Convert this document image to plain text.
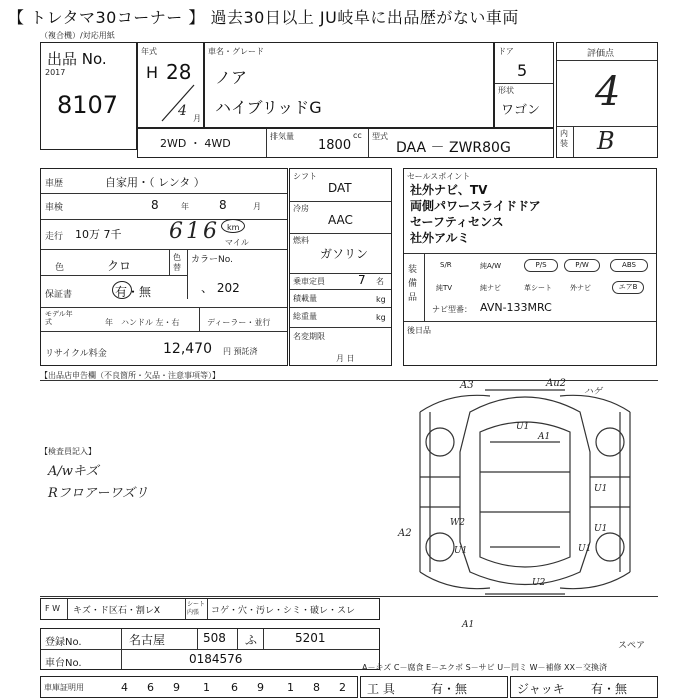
【 トレタマ30コーナー 】 過去30日以上 JU岐阜に出品歴がない車両
（複合機）/対応用紙
出品 No.
2017
8107
年式
H 28
4 月
車名・グレード
ノア
ハイブリッドG
ドア
5
形状
ワゴン
評価点
4
内装 B
2WD ・ 4WD
排気量
1800
cc 型式
DAA － ZWR80G
車歴	自家用・（ レンタ ）
車検	8	年	8	月
走行 10万 7千 616 km
マイル
色	クロ
色替
カラーNo.
、 202
保証書	有・無
モデル年式	年 ハンドル 左・右	ディーラー・並行
リサイクル料金	12,470 円 預託済
シフト
DAT
冷房
AAC
燃料
ガソリン
乗車定員	7 名
積載量	kg
総重量	kg
名変期限
月 日
セールスポイント
社外ナビ、TV
両側パワースライドドア
セーフティセンス
社外アルミ
装備品
S/R	純A/W	P/S	P/W	ABS
純TV	純ナビ	革シート	外ナビ	エアB
ナビ型番： AVN-133MRC
後日品
【出品店申告欄（不良箇所・欠品・注意事項等）】
【検査員記入】
A/wキズ
Rフロアーワズリ
A3	Au2
ハゲ
U1
A1
U1
A2
W2
U1	U1
U1
U2
A1
スペア
F W キズ・ド区石・割レX
シート内張	コゲ・穴・汚レ・シミ・破レ・スレ
登録No.	名古屋	508 ふ	5201
車台No.	0184576
A－キズ C－腐食 E－エクボ S－サビ U－凹ミ W－補修 XX－交換済
車庫証明用	4 6 9 1 6 9 1 8 2 工 具	有・無	ジャッキ 有・無
